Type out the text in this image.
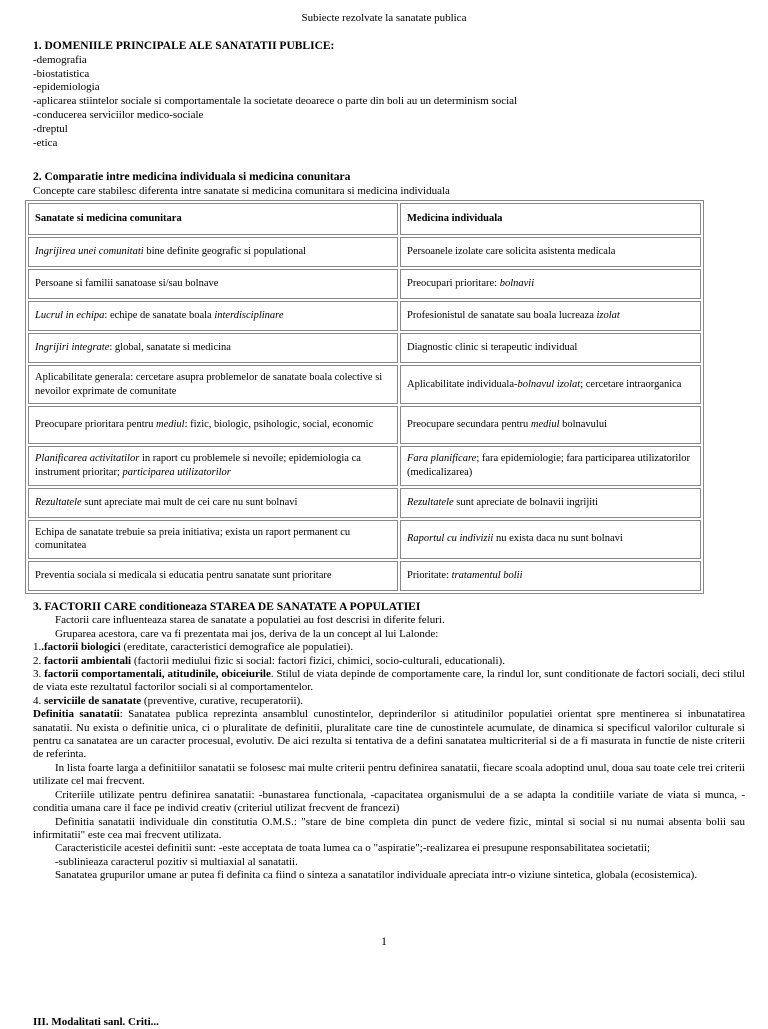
Subiecte rezolvate la sanatate publica
1. DOMENIILE PRINCIPALE ALE SANATATII PUBLICE:
-demografia
-biostatistica
-epidemiologia
-aplicarea stiintelor sociale si comportamentale la societate deoarece o parte din boli au un determinism social
-conducerea serviciilor medico-sociale
-dreptul
-etica
2. Comparatie intre medicina individuala si medicina conunitara
Concepte care stabilesc diferenta intre sanatate si medicina comunitara si medicina individuala
Sanatate si medicina comunitara	Medicina individuala
Ingrijirea unei comunitati bine definite geografic si populational	Persoanele izolate care solicita asistenta medicala
Persoane si familii sanatoase si/sau bolnave	Preocupari prioritare: bolnavii
Lucrul in echipa: echipe de sanatate boala interdisciplinare	Profesionistul de sanatate sau boala lucreaza izolat
Ingrijiri integrate: global, sanatate si medicina	Diagnostic clinic si terapeutic individual
Aplicabilitate generala: cercetare asupra problemelor de sanatate boala colective si nevoilor exprimate de comunitate	Aplicabilitate individuala-bolnavul izolat; cercetare intraorganica
Preocupare prioritara pentru mediul: fizic, biologic, psihologic, social, economic	Preocupare secundara pentru mediul bolnavului
Planificarea activitatilor in raport cu problemele si nevoile; epidemiologia ca instrument prioritar; participarea utilizatorilor	Fara planificare; fara epidemiologie; fara participarea utilizatorilor (medicalizarea)
Rezultatele sunt apreciate mai mult de cei care nu sunt bolnavi	Rezultatele sunt apreciate de bolnavii ingrijiti
Echipa de sanatate trebuie sa preia initiativa; exista un raport permanent cu comunitatea	Raportul cu indivizii nu exista daca nu sunt bolnavi
Preventia sociala si medicala si educatia pentru sanatate sunt prioritare	Prioritate: tratamentul bolii

3. FACTORII CARE conditioneaza STAREA DE SANATATE A POPULATIEI

Factorii care influenteaza starea de sanatate a populatiei au fost descrisi in diferite feluri.

Gruparea acestora, care va fi prezentata mai jos, deriva de la un concept al lui Lalonde:

1..factorii biologici (ereditate, caracteristici demografice ale populatiei).

2. factorii ambientali (factorii mediului fizic si social: factori fizici, chimici, socio-culturali, educationali).

3. factorii comportamentali, atitudinile, obiceiurile. Stilul de viata depinde de comportamente care, la rindul lor, sunt conditionate de factori sociali, deci stilul de viata este rezultatul factorilor sociali si al comportamentelor.

4. serviciile de sanatate (preventive, curative, recuperatorii).

Definitia sanatatii: Sanatatea publica reprezinta ansamblul cunostintelor, deprinderilor si atitudinilor populatiei orientat spre mentinerea si inbunatatirea sanatatii. Nu exista o definitie unica, ci o pluralitate de definitii, pluralitate care tine de cunostintele acumulate, de dinamica si specificul valorilor culturale si pentru ca sanatatea are un caracter procesual, evolutiv. De aici rezulta si tentativa de a defini sanatatea multicriterial si de a fi masurata in functie de niste criterii de referinta.

In lista foarte larga a definitiilor sanatatii se folosesc mai multe criterii pentru definirea sanatatii, fiecare scoala adoptind unul, doua sau toate cele trei criterii utilizate cel mai frecvent.

Criteriile utilizate pentru definirea sanatatii: -bunastarea functionala, -capacitatea organismului de a se adapta la conditiile variate de viata si munca, -conditia umana care il face pe individ creativ (criteriul utilizat frecvent de francezi)

Definitia sanatatii individuale din constitutia O.M.S.: "stare de bine completa din punct de vedere fizic, mintal si social si nu numai absenta bolii sau infirmitatii" este cea mai frecvent utilizata.

Caracteristicile acestei definitii sunt: -este acceptata de toata lumea ca o "aspiratie";-realizarea ei presupune responsabilitatea societatii;

-sublinieaza caracterul pozitiv si multiaxial al sanatatii.

Sanatatea grupurilor umane ar putea fi definita ca fiind o sinteza a sanatatilor individuale apreciata intr-o viziune sintetica, globala (ecosistemica).

1
III. Modalitati sanl. Criti...
